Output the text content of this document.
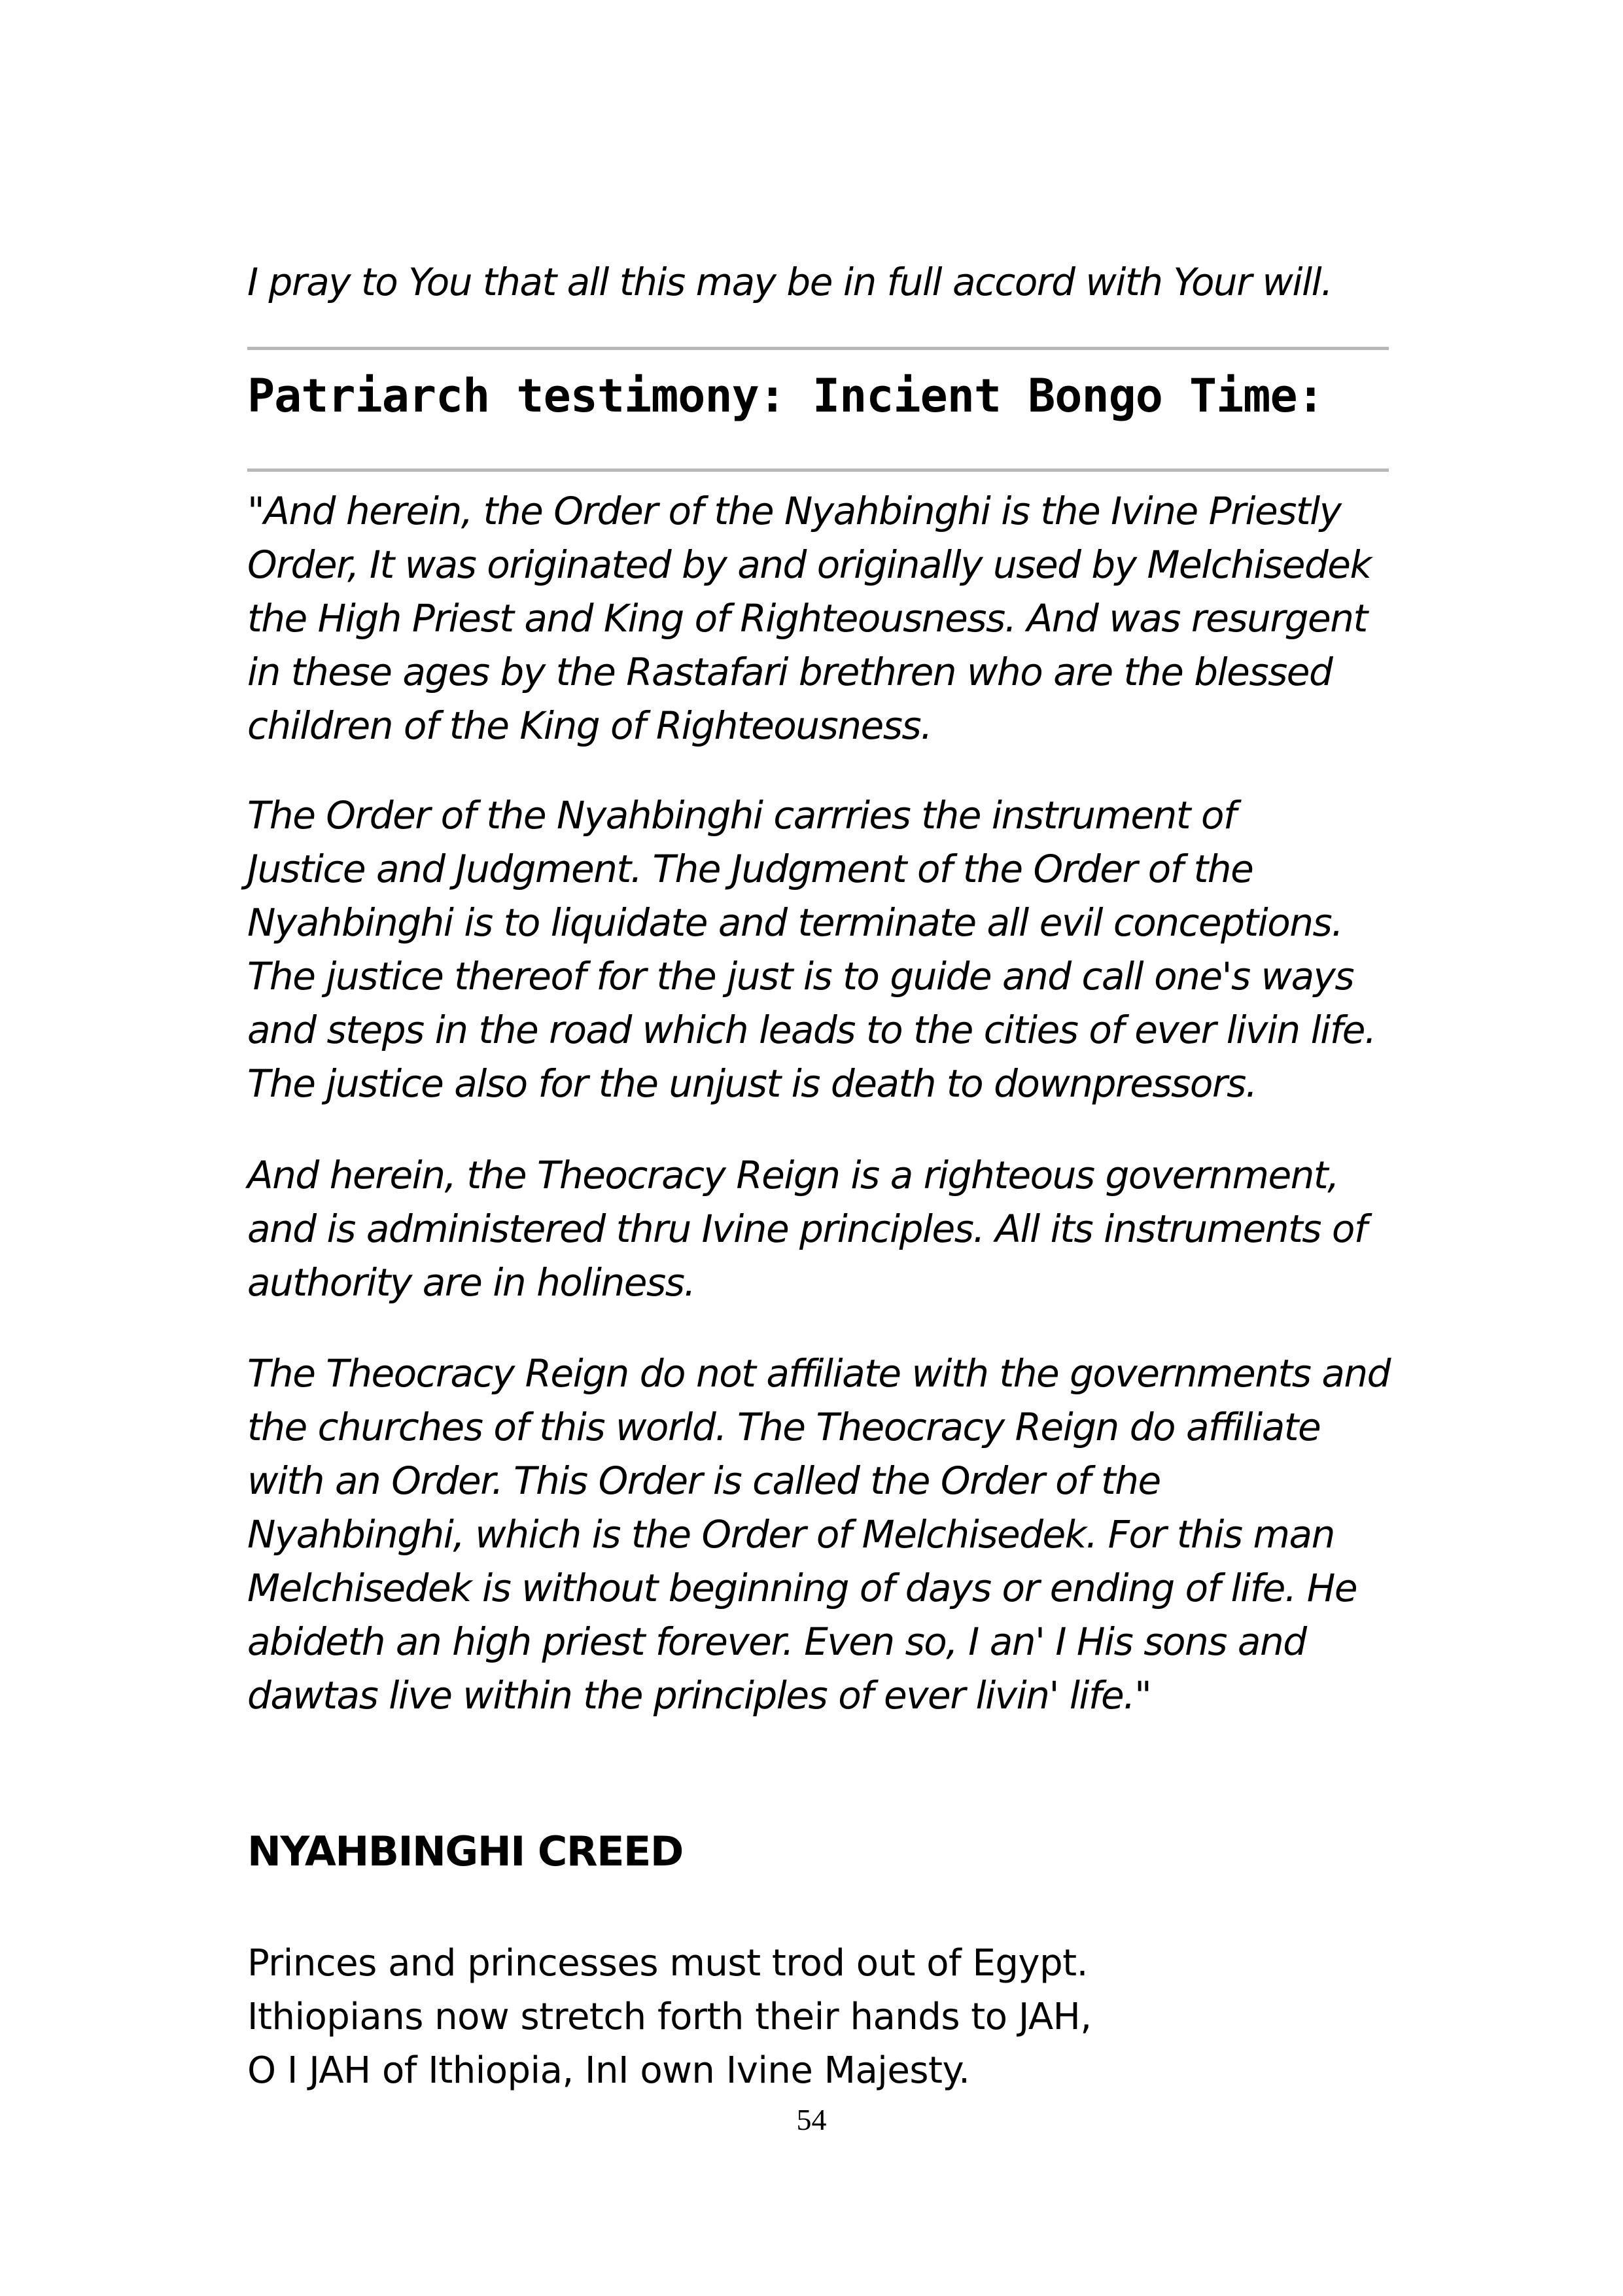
I pray to You that all this may be in full accord with Your will.
Patriarch testimony: Incient Bongo Time:
"And herein, the Order of the Nyahbinghi is the Ivine Priestly
Order, It was originated by and originally used by Melchisedek
the High Priest and King of Righteousness. And was resurgent
in these ages by the Rastafari brethren who are the blessed
children of the King of Righteousness.
The Order of the Nyahbinghi carrries the instrument of
Justice and Judgment. The Judgment of the Order of the
Nyahbinghi is to liquidate and terminate all evil conceptions.
The justice thereof for the just is to guide and call one's ways
and steps in the road which leads to the cities of ever livin life.
The justice also for the unjust is death to downpressors.
And herein, the Theocracy Reign is a righteous government,
and is administered thru Ivine principles. All its instruments of
authority are in holiness.
The Theocracy Reign do not affiliate with the governments and
the churches of this world. The Theocracy Reign do affiliate
with an Order. This Order is called the Order of the
Nyahbinghi, which is the Order of Melchisedek. For this man
Melchisedek is without beginning of days or ending of life. He
abideth an high priest forever. Even so, I an' I His sons and
dawtas live within the principles of ever livin' life."
NYAHBINGHI CREED
Princes and princesses must trod out of Egypt.
Ithiopians now stretch forth their hands to JAH,
O I JAH of Ithiopia, InI own Ivine Majesty.
54
